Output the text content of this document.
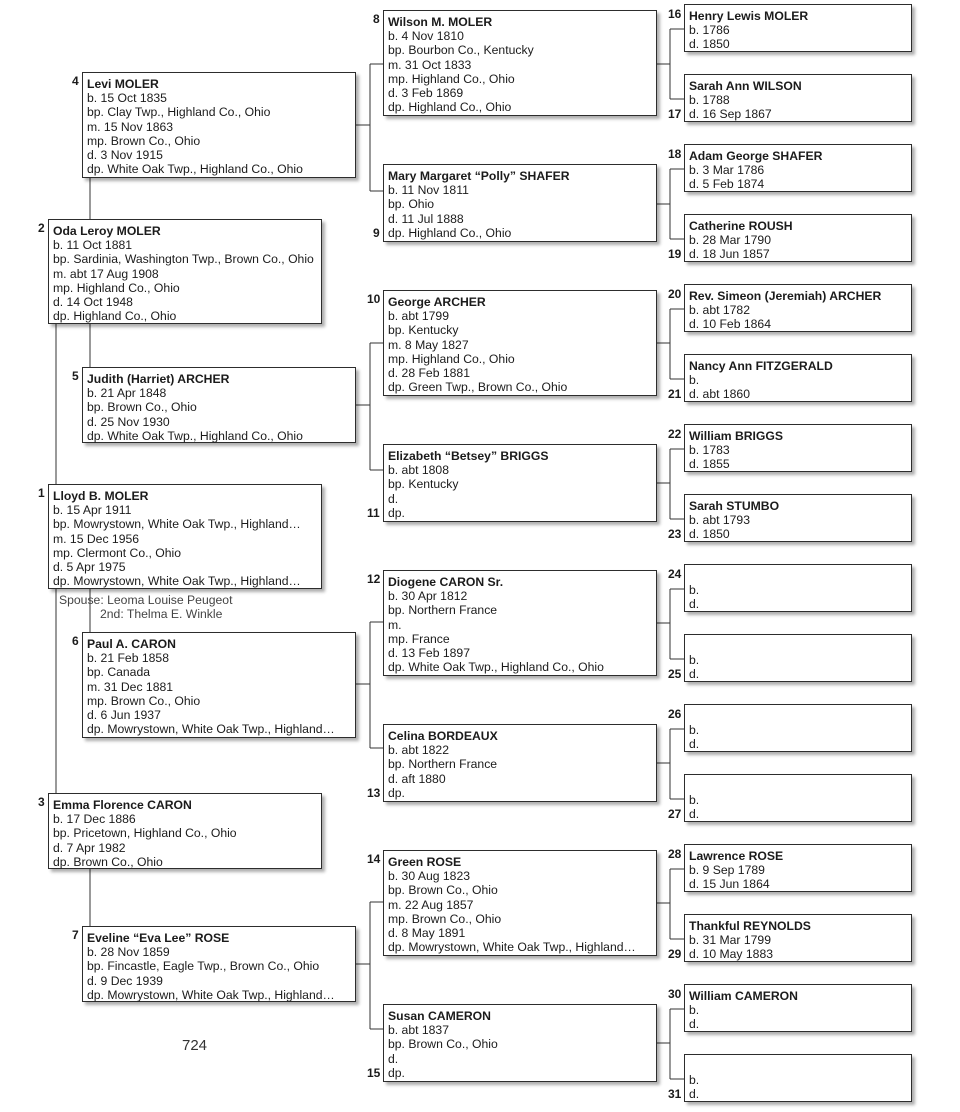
1 Lloyd B. MOLER
b. 15 Apr 1911
bp. Mowrystown, White Oak Twp., Highland…
m. 15 Dec 1956
mp. Clermont Co., Ohio
d. 5 Apr 1975
dp. Mowrystown, White Oak Twp., Highland…
Spouse: Leoma Louise Peugeot
2nd: Thelma E. Winkle
2 Oda Leroy MOLER
b. 11 Oct 1881
bp. Sardinia, Washington Twp., Brown Co., Ohio
m. abt 17 Aug 1908
mp. Highland Co., Ohio
d. 14 Oct 1948
dp. Highland Co., Ohio
3 Emma Florence CARON
b. 17 Dec 1886
bp. Pricetown, Highland Co., Ohio
d. 7 Apr 1982
dp. Brown Co., Ohio
4 Levi MOLER
b. 15 Oct 1835
bp. Clay Twp., Highland Co., Ohio
m. 15 Nov 1863
mp. Brown Co., Ohio
d. 3 Nov 1915
dp. White Oak Twp., Highland Co., Ohio
5 Judith (Harriet) ARCHER
b. 21 Apr 1848
bp. Brown Co., Ohio
d. 25 Nov 1930
dp. White Oak Twp., Highland Co., Ohio
6 Paul A. CARON
b. 21 Feb 1858
bp. Canada
m. 31 Dec 1881
mp. Brown Co., Ohio
d. 6 Jun 1937
dp. Mowrystown, White Oak Twp., Highland…
7 Eveline “Eva Lee” ROSE
b. 28 Nov 1859
bp. Fincastle, Eagle Twp., Brown Co., Ohio
d. 9 Dec 1939
dp. Mowrystown, White Oak Twp., Highland…
8 Wilson M. MOLER
b. 4 Nov 1810
bp. Bourbon Co., Kentucky
m. 31 Oct 1833
mp. Highland Co., Ohio
d. 3 Feb 1869
dp. Highland Co., Ohio
9
Mary Margaret “Polly” SHAFER
b. 11 Nov 1811
bp. Ohio
d. 11 Jul 1888
dp. Highland Co., Ohio
10 George ARCHER
b. abt 1799
bp. Kentucky
m. 8 May 1827
mp. Highland Co., Ohio
d. 28 Feb 1881
dp. Green Twp., Brown Co., Ohio
11
Elizabeth “Betsey” BRIGGS
b. abt 1808
bp. Kentucky
d.
dp.
12 Diogene CARON Sr.
b. 30 Apr 1812
bp. Northern France
m.
mp. France
d. 13 Feb 1897
dp. White Oak Twp., Highland Co., Ohio
13
Celina BORDEAUX
b. abt 1822
bp. Northern France
d. aft 1880
dp.
14 Green ROSE
b. 30 Aug 1823
bp. Brown Co., Ohio
m. 22 Aug 1857
mp. Brown Co., Ohio
d. 8 May 1891
dp. Mowrystown, White Oak Twp., Highland…
15
Susan CAMERON
b. abt 1837
bp. Brown Co., Ohio
d.
dp.
16 Henry Lewis MOLER
b. 1786
d. 1850
17
Sarah Ann WILSON
b. 1788
d. 16 Sep 1867
18 Adam George SHAFER
b. 3 Mar 1786
d. 5 Feb 1874
19
Catherine ROUSH
b. 28 Mar 1790
d. 18 Jun 1857
20 Rev. Simeon (Jeremiah) ARCHER
b. abt 1782
d. 10 Feb 1864
21
Nancy Ann FITZGERALD
b.
d. abt 1860
22 William BRIGGS
b. 1783
d. 1855
23
Sarah STUMBO
b. abt 1793
d. 1850
24
b.
d.
25
b.
d.
26
b.
d.
27
b.
d.
28 Lawrence ROSE
b. 9 Sep 1789
d. 15 Jun 1864
29
Thankful REYNOLDS
b. 31 Mar 1799
d. 10 May 1883
30 William CAMERON
b.
d.
31
b.
d.
724
